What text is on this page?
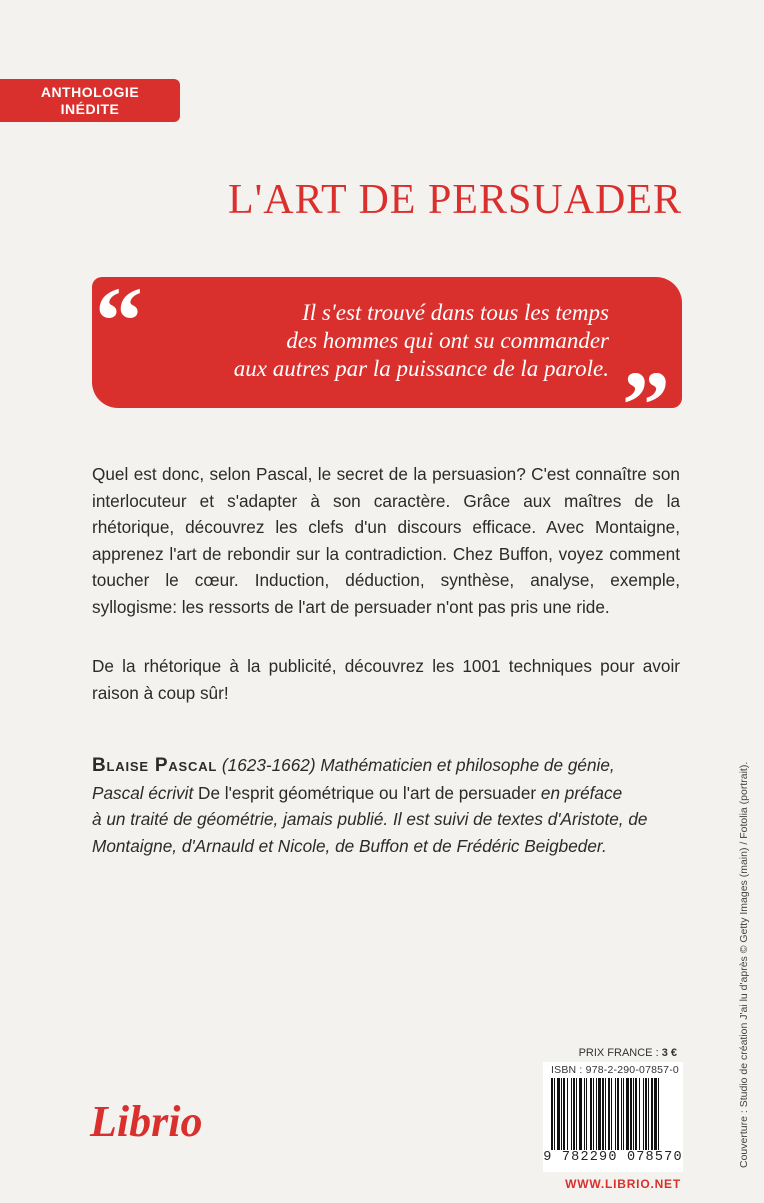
ANTHOLOGIE
INÉDITE
L'ART DE PERSUADER
“	Il s'est trouvé dans tous les temps
des hommes qui ont su commander
aux autres par la puissance de la parole. ”
Quel est donc, selon Pascal, le secret de la persuasion? C'est connaître son interlocuteur et s'adapter à son caractère. Grâce aux maîtres de la rhétorique, découvrez les clefs d'un discours efficace. Avec Montaigne, apprenez l'art de rebondir sur la contradiction. Chez Buffon, voyez comment toucher le cœur. Induction, déduction, synthèse, analyse, exemple, syllogisme: les ressorts de l'art de persuader n'ont pas pris une ride.
De la rhétorique à la publicité, découvrez les 1001 techniques pour avoir raison à coup sûr!
Blaise Pascal (1623-1662) Mathématicien et philosophe de génie,
Pascal écrivit De l'esprit géométrique ou l'art de persuader en préface
à un traité de géométrie, jamais publié. Il est suivi de textes d'Aristote, de Montaigne, d'Arnauld et Nicole, de Buffon et de Frédéric Beigbeder.
PRIX FRANCE : 3 €
ISBN : 978-2-290-07857-0
9 782290 078570
WWW.LIBRIO.NET
Librio	Couverture : Studio de création J'ai lu d'après © Getty Images (main) / Fotolia (portrait).
